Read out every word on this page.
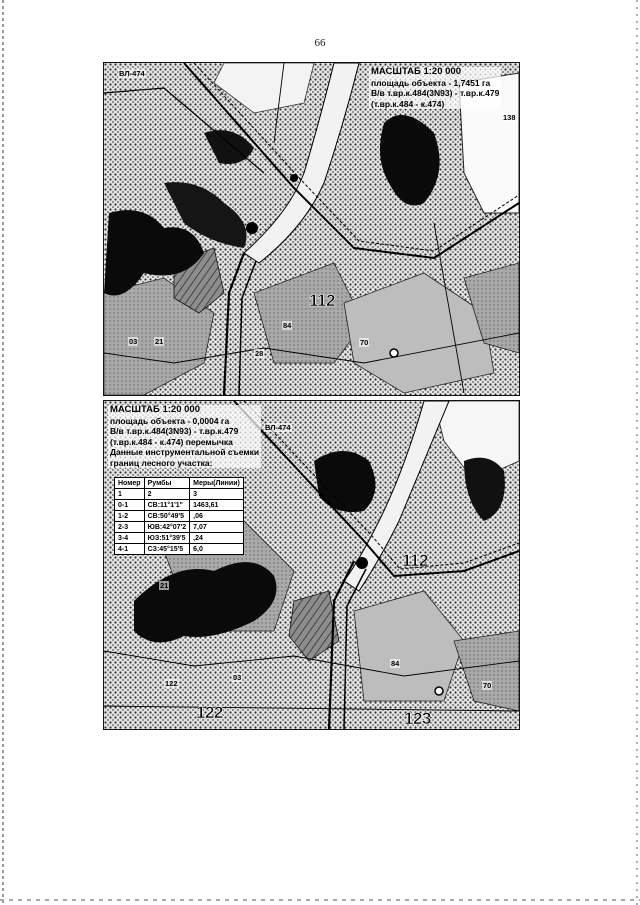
66
МАСШТАБ 1:20 000
площадь объекта - 1,7451 га
В/в т.вр.к.484(3N93) - т.вр.к.479
(т.вр.к.484 - к.474)
BЛ-474
112
138
70
84
03 21
28
МАСШТАБ 1:20 000
площадь объекта - 0,0004 га
В/в т.вр.к.484(3N93) - т.вр.к.479
(т.вр.к.484 - к.474) перемычка
Данные инструментальной съемки
границ лесного участка:
Номер	Румбы	Меры(Линии)
1	2	3
0-1	СВ:11°1'1"	1463,61
1-2	СВ:50°49'5	,06
2-3	ЮВ:42°07'2	7,07
3-4	ЮЗ:51°39'5	,24
4-1	СЗ:45°15'5	6,0
ВЛ-474
112
122	123
03
70
84
21
122
